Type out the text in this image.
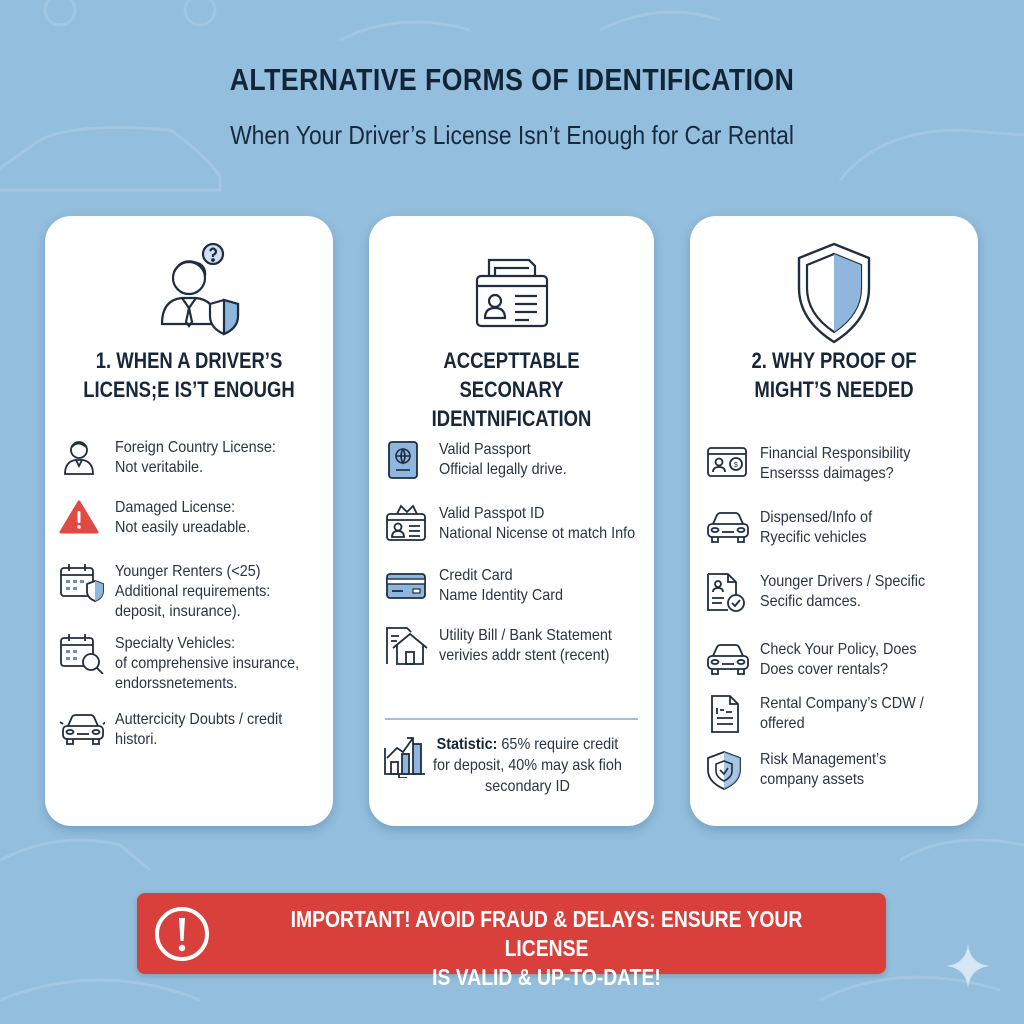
ALTERNATIVE FORMS OF IDENTIFICATION
When Your Driver’s License Isn’t Enough for Car Rental
1. WHEN A DRIVER’S
LICENS;E IS’T ENOUGH
Foreign Country License:
Not veritabile.
Damaged License:
Not easily ureadable.
Younger Renters (<25)
Additional requirements:
deposit, insurance).
Specialty Vehicles:
of comprehensive insurance,
endorssnetements.
Auttercicity Doubts / credit
histori.
ACCEPTTABLE SECONARY
IDENTNIFICATION
Valid Passport
Official legally drive.
Valid Passpot ID
National Nicense ot match Info
Credit Card
Name Identity Card
Utility Bill / Bank Statement
verivies addr stent (recent)
Statistic: 65% require credit
for deposit, 40% may ask fioh
secondary ID
2. WHY PROOF OF
MIGHT’S NEEDED
$
Financial Responsibility
Ensersss daimages?
Dispensed/Info of
Ryecific vehicles
Younger Drivers / Specific
Secific damces.
Check Your Policy, Does
Does cover rentals?
Rental Company’s CDW /
offered
Risk Management’s
company assets
IMPORTANT! AVOID FRAUD & DELAYS: ENSURE YOUR LICENSE
IS VALID & UP-TO-DATE!
